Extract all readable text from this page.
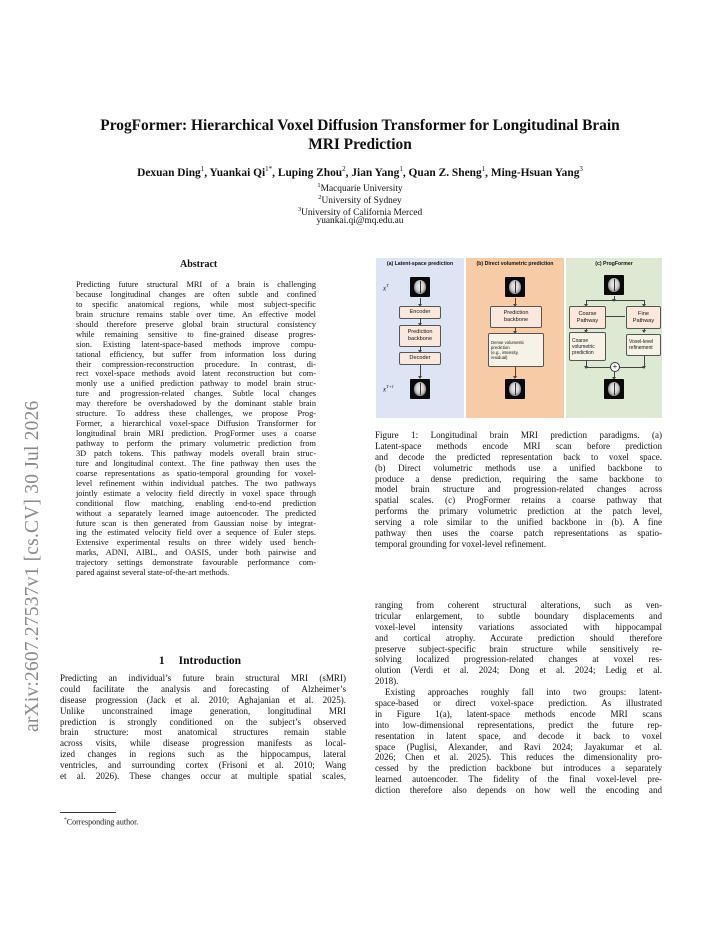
ProgFormer: Hierarchical Voxel Diffusion Transformer for Longitudinal Brain
MRI Prediction
Dexuan Ding$^1$, Yuankai $Qi^{1*}$, Luping Zhou$^2$, Jian Yang$^1$, Quan Z. Sheng$^1$, Ming-Hsuan Yang$^3$
$^1$Macquarie University
$^2$University of Sydney
$^3$University of California Merced
yuankai.qi@mq.edu.au
arXiv:2607.27537v1 [cs.CV] 30 Jul 2026
Abstract
Predicting future structural MRI of a brain is challenging
because longitudinal changes are often subtle and confined
to specific anatomical regions, while most subject-specific
brain structure remains stable over time. An effective model
should therefore preserve global brain structural consistency
while remaining sensitive to fine-grained disease progres-
sion. Existing latent-space-based methods improve compu-
tational efficiency, but suffer from information loss during
their compression-reconstruction procedure. In contrast, di-
rect voxel-space methods avoid latent reconstruction but com-
monly use a unified prediction pathway to model brain struc-
ture and progression-related changes. Subtle local changes
may therefore be overshadowed by the dominant stable brain
structure. To address these challenges, we propose Prog-
Former, a hierarchical voxel-space Diffusion Transformer for
longitudinal brain MRI prediction. ProgFormer uses a coarse
pathway to perform the primary volumetric prediction from
3D patch tokens. This pathway models overall brain struc-
ture and longitudinal context. The fine pathway then uses the
coarse representations as spatio-temporal grounding for voxel-
level refinement within individual patches. The two pathways
jointly estimate a velocity field directly in voxel space through
conditional flow matching, enabling end-to-end prediction
without a separately learned image autoencoder. The predicted
future scan is then generated from Gaussian noise by integrat-
ing the estimated velocity field over a sequence of Euler steps.
Extensive experimental results on three widely used bench-
marks, ADNI, AIBL, and OASIS, under both pairwise and
trajectory settings demonstrate favourable performance com-
pared against several state-of-the-art methods.
1 Introduction
Predicting an individual’s future brain structural MRI (sMRI)
could facilitate the analysis and forecasting of Alzheimer’s
disease progression (Jack et al. 2010; Aghajanian et al. 2025).
Unlike unconstrained image generation, longitudinal MRI
prediction is strongly conditioned on the subject’s observed
brain structure: most anatomical structures remain stable
across visits, while disease progression manifests as local-
ized changes in regions such as the hippocampus, lateral
ventricles, and surrounding cortex (Frisoni et al. 2010; Wang
et al. 2026). These changes occur at multiple spatial scales,
*Corresponding author.
(a) Latent-space prediction
$x^T$
Encoder
Prediction
backbone
Decoder
$x^{T+1}$
(b) Direct volumetric prediction
Prediction
backbone
Dense volumetric
prediction
(e.g., intensity,
residual)
(c) ProgFormer
Coarse
Pathway
Fine
Pathway
Coarse
volumetric
prediction
Voxel-level
refinement
+
Figure 1: Longitudinal brain MRI prediction paradigms. (a)
Latent-space methods encode MRI scan before prediction
and decode the predicted representation back to voxel space.
(b) Direct volumetric methods use a unified backbone to
produce a dense prediction, requiring the same backbone to
model brain structure and progression-related changes across
spatial scales. (c) ProgFormer retains a coarse pathway that
performs the primary volumetric prediction at the patch level,
serving a role similar to the unified backbone in (b). A fine
pathway then uses the coarse patch representations as spatio-
temporal grounding for voxel-level refinement.
ranging from coherent structural alterations, such as ven-
tricular enlargement, to subtle boundary displacements and
voxel-level intensity variations associated with hippocampal
and cortical atrophy. Accurate prediction should therefore
preserve subject-specific brain structure while sensitively re-
solving localized progression-related changes at voxel res-
olution (Verdi et al. 2024; Dong et al. 2024; Ledig et al.
2018).
Existing approaches roughly fall into two groups: latent-
space-based or direct voxel-space prediction. As illustrated
in Figure 1(a), latent-space methods encode MRI scans
into low-dimensional representations, predict the future rep-
resentation in latent space, and decode it back to voxel
space (Puglisi, Alexander, and Ravì 2024; Jayakumar et al.
2026; Chen et al. 2025). This reduces the dimensionality pro-
cessed by the prediction backbone but introduces a separately
learned autoencoder. The fidelity of the final voxel-level pre-
diction therefore also depends on how well the encoding and
